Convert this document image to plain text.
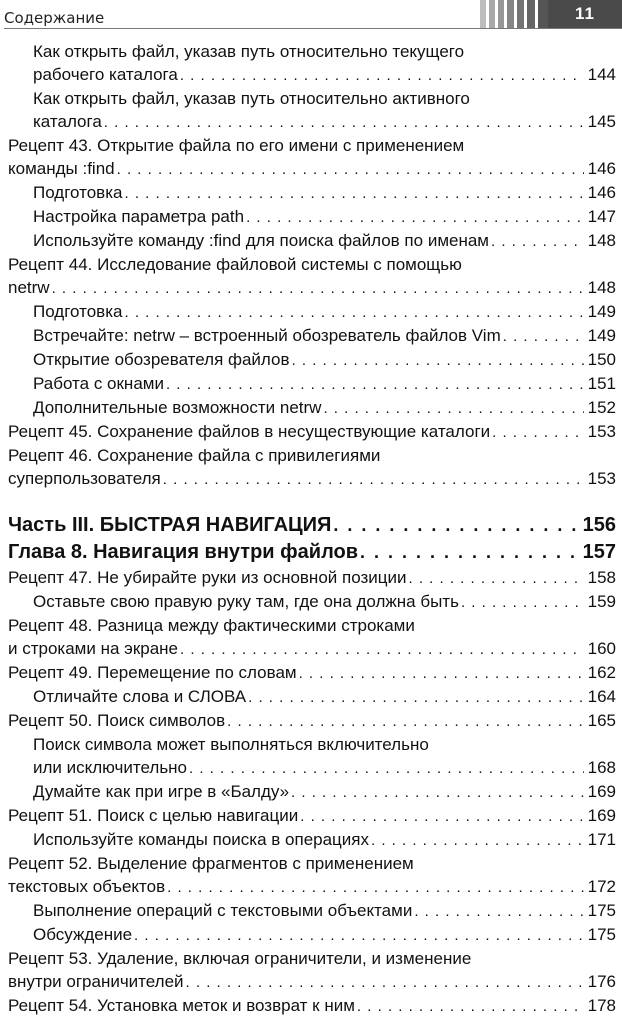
Содержание	11
Как открыть файл, указав путь относительно текущего
рабочего каталога . . .	144
Как открыть файл, указав путь относительно активного
каталога . . .	145
Рецепт 43. Открытие файла по его имени с применением
команды :find . . .	146
Подготовка . . .	146
Настройка параметра path . . .	147
Используйте команду :find для поиска файлов по именам . . .	148
Рецепт 44. Исследование файловой системы с помощью
netrw . . .	148
Подготовка . . .	149
Встречайте: netrw – встроенный обозреватель файлов Vim . . .	149
Открытие обозревателя файлов . . .	150
Работа с окнами . . .	151
Дополнительные возможности netrw . . .	152
Рецепт 45. Сохранение файлов в несуществующие каталоги . . .	153
Рецепт 46. Сохранение файла с привилегиями
суперпользователя . . .	153
Часть III. БЫСТРАЯ НАВИГАЦИЯ . . .	156
Глава 8. Навигация внутри файлов . . .	157
Рецепт 47. Не убирайте руки из основной позиции . . .	158
Оставьте свою правую руку там, где она должна быть . . .	159
Рецепт 48. Разница между фактическими строками
и строками на экране . . .	160
Рецепт 49. Перемещение по словам . . .	162
Отличайте слова и СЛОВА . . .	164
Рецепт 50. Поиск символов . . .	165
Поиск символа может выполняться включительно
или исключительно . . .	168
Думайте как при игре в «Балду» . . .	169
Рецепт 51. Поиск с целью навигации . . .	169
Используйте команды поиска в операциях . . .	171
Рецепт 52. Выделение фрагментов с применением
текстовых объектов . . .	172
Выполнение операций с текстовыми объектами . . .	175
Обсуждение . . .	175
Рецепт 53. Удаление, включая ограничители, и изменение
внутри ограничителей . . .	176
Рецепт 54. Установка меток и возврат к ним . . .	178
